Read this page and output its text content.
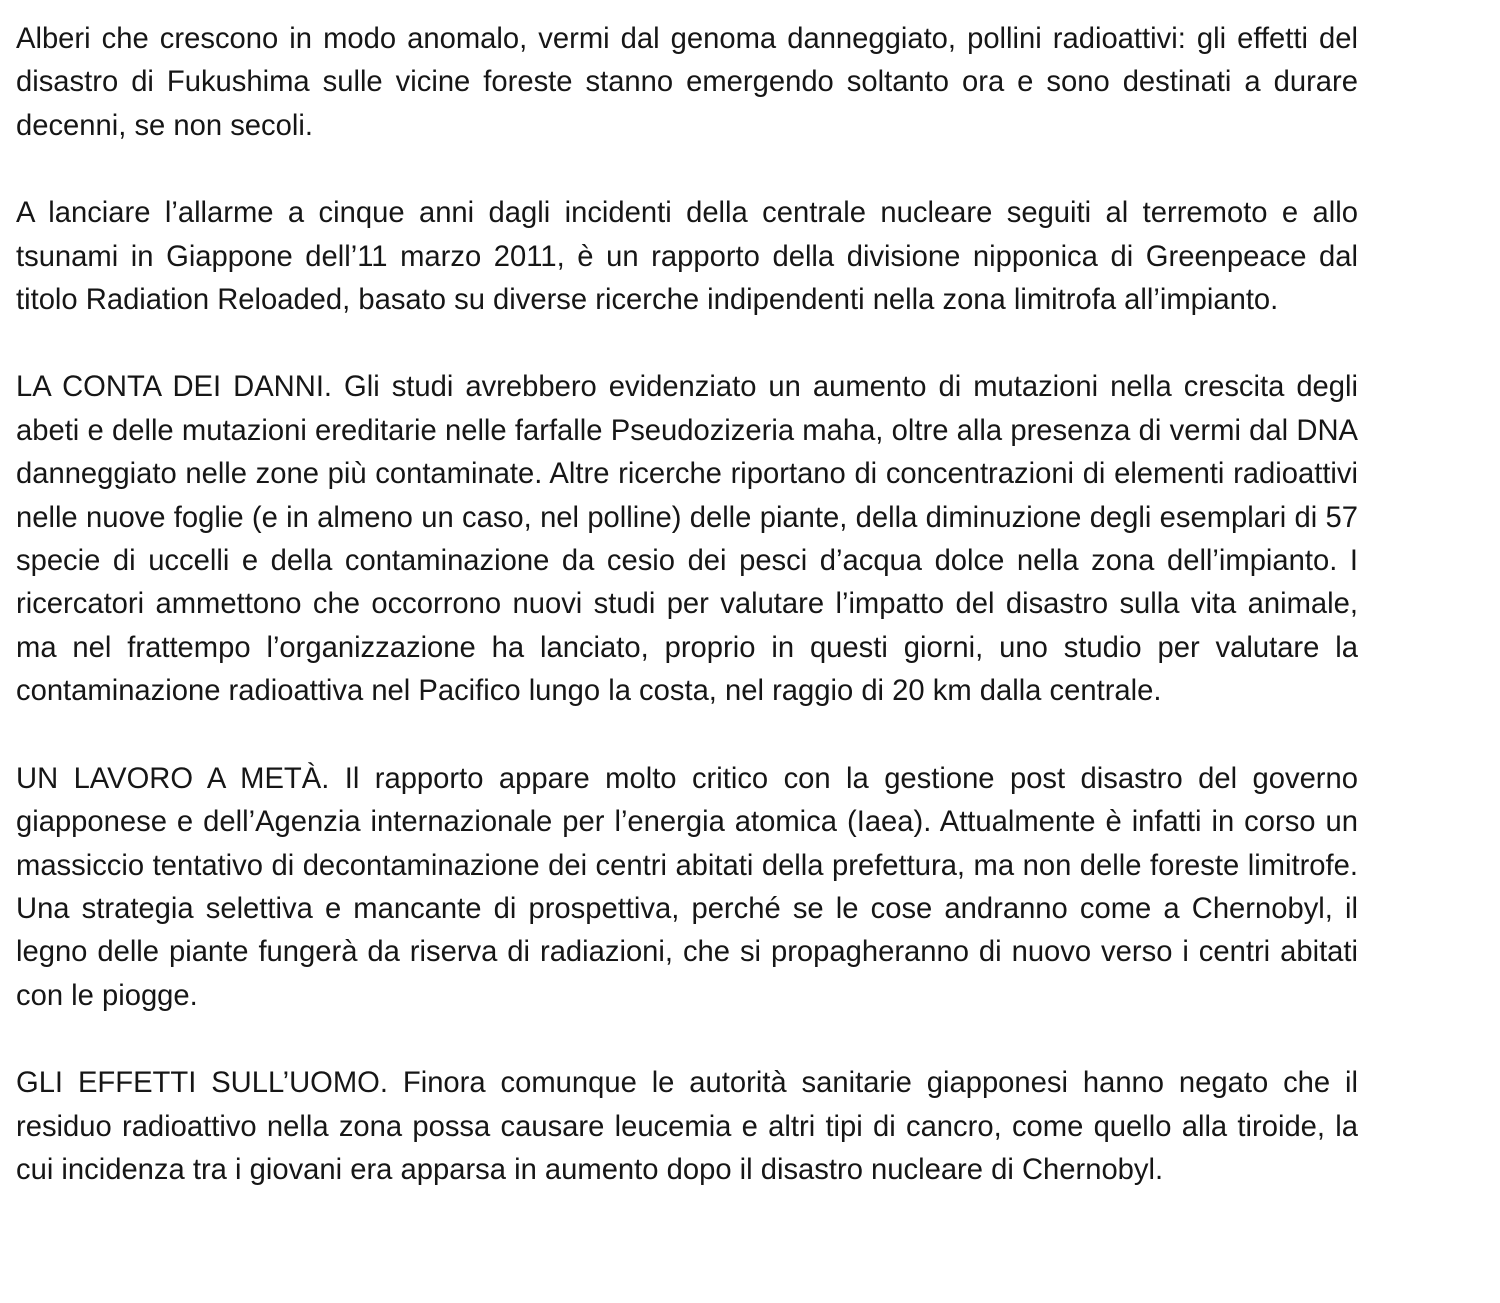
Alberi che crescono in modo anomalo, vermi dal genoma danneggiato, pollini radioattivi: gli effetti del disastro di Fukushima sulle vicine foreste stanno emergendo soltanto ora e sono destinati a durare decenni, se non secoli.

A lanciare l’allarme a cinque anni dagli incidenti della centrale nucleare seguiti al terremoto e allo tsunami in Giappone dell’11 marzo 2011, è un rapporto della divisione nipponica di Greenpeace dal titolo Radiation Reloaded, basato su diverse ricerche indipendenti nella zona limitrofa all’impianto.

LA CONTA DEI DANNI. Gli studi avrebbero evidenziato un aumento di mutazioni nella crescita degli abeti e delle mutazioni ereditarie nelle farfalle Pseudozizeria maha, oltre alla presenza di vermi dal DNA danneggiato nelle zone più contaminate. Altre ricerche riportano di concentrazioni di elementi radioattivi nelle nuove foglie (e in almeno un caso, nel polline) delle piante, della diminuzione degli esemplari di 57 specie di uccelli e della contaminazione da cesio dei pesci d’acqua dolce nella zona dell’impianto. I ricercatori ammettono che occorrono nuovi studi per valutare l’impatto del disastro sulla vita animale, ma nel frattempo l’organizzazione ha lanciato, proprio in questi giorni, uno studio per valutare la contaminazione radioattiva nel Pacifico lungo la costa, nel raggio di 20 km dalla centrale.

UN LAVORO A METÀ. Il rapporto appare molto critico con la gestione post disastro del governo giapponese e dell’Agenzia internazionale per l’energia atomica (Iaea). Attualmente è infatti in corso un massiccio tentativo di decontaminazione dei centri abitati della prefettura, ma non delle foreste limitrofe. Una strategia selettiva e mancante di prospettiva, perché se le cose andranno come a Chernobyl, il legno delle piante fungerà da riserva di radiazioni, che si propagheranno di nuovo verso i centri abitati con le piogge.

GLI EFFETTI SULL’UOMO. Finora comunque le autorità sanitarie giapponesi hanno negato che il residuo radioattivo nella zona possa causare leucemia e altri tipi di cancro, come quello alla tiroide, la cui incidenza tra i giovani era apparsa in aumento dopo il disastro nucleare di Chernobyl.
